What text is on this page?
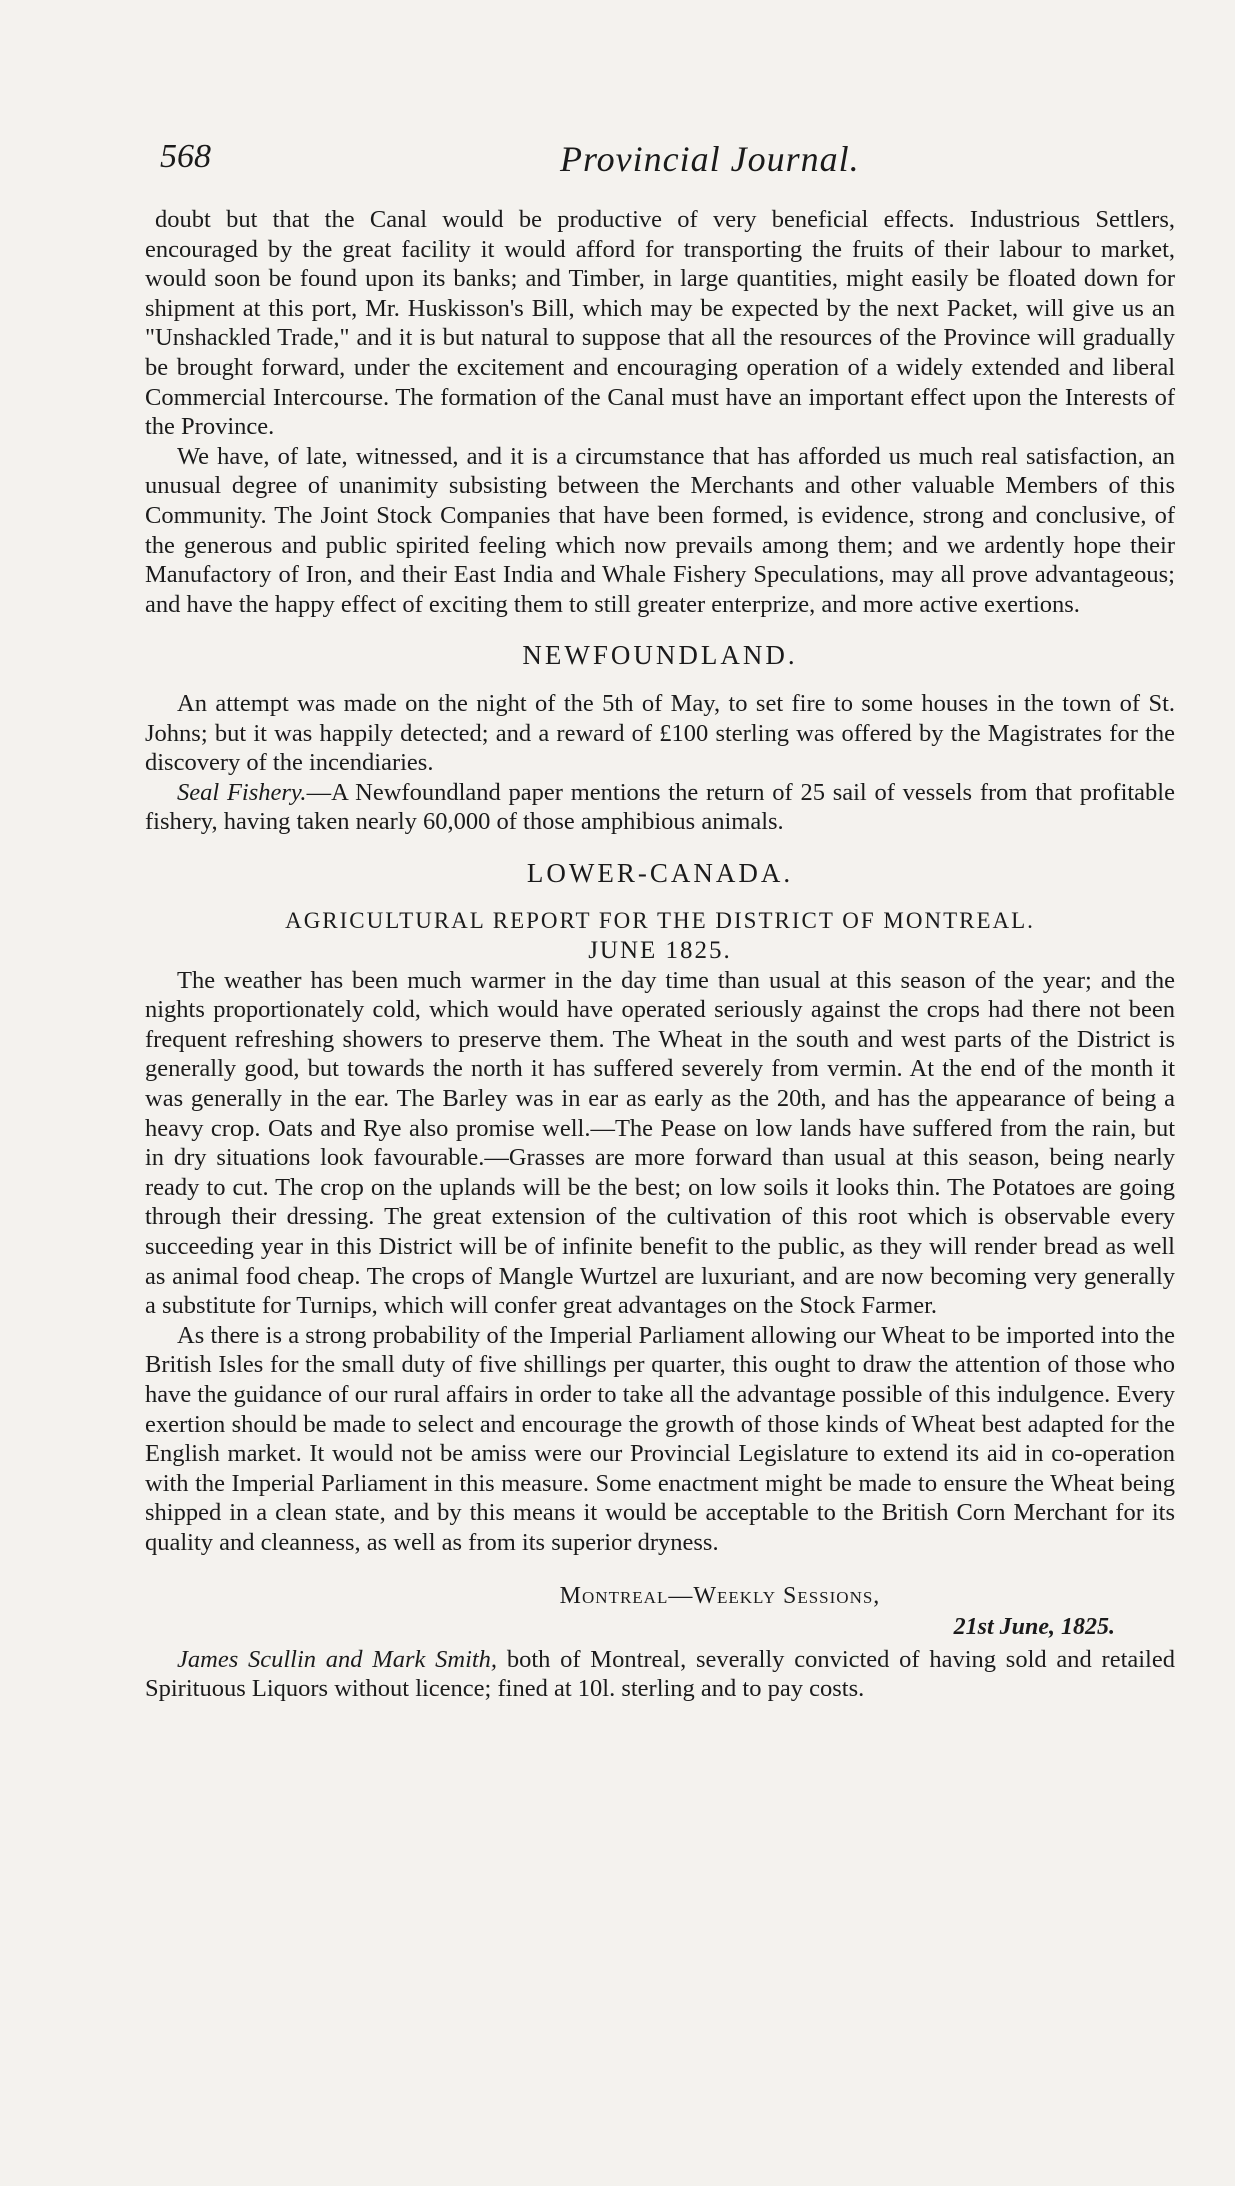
568	Provincial Journal.

doubt but that the Canal would be productive of very beneficial effects. Industrious Settlers, encouraged by the great facility it would afford for transporting the fruits of their labour to market, would soon be found upon its banks; and Timber, in large quantities, might easily be floated down for shipment at this port, Mr. Huskisson's Bill, which may be expected by the next Packet, will give us an "Unshackled Trade," and it is but natural to suppose that all the resources of the Province will gradually be brought forward, under the excitement and encouraging operation of a widely extended and liberal Commercial Intercourse. The formation of the Canal must have an important effect upon the Interests of the Province.

We have, of late, witnessed, and it is a circumstance that has afforded us much real satisfaction, an unusual degree of unanimity subsisting between the Merchants and other valuable Members of this Community. The Joint Stock Companies that have been formed, is evidence, strong and conclusive, of the generous and public spirited feeling which now prevails among them; and we ardently hope their Manufactory of Iron, and their East India and Whale Fishery Speculations, may all prove advantageous; and have the happy effect of exciting them to still greater enterprize, and more active exertions.

NEWFOUNDLAND.

An attempt was made on the night of the 5th of May, to set fire to some houses in the town of St. Johns; but it was happily detected; and a reward of £100 sterling was offered by the Magistrates for the discovery of the incendiaries.

Seal Fishery.—A Newfoundland paper mentions the return of 25 sail of vessels from that profitable fishery, having taken nearly 60,000 of those amphibious animals.

LOWER-CANADA.
AGRICULTURAL REPORT FOR THE DISTRICT OF MONTREAL.
JUNE 1825.

The weather has been much warmer in the day time than usual at this season of the year; and the nights proportionately cold, which would have operated seriously against the crops had there not been frequent refreshing showers to preserve them. The Wheat in the south and west parts of the District is generally good, but towards the north it has suffered severely from vermin. At the end of the month it was generally in the ear. The Barley was in ear as early as the 20th, and has the appearance of being a heavy crop. Oats and Rye also promise well.—The Pease on low lands have suffered from the rain, but in dry situations look favourable.—Grasses are more forward than usual at this season, being nearly ready to cut. The crop on the uplands will be the best; on low soils it looks thin. The Potatoes are going through their dressing. The great extension of the cultivation of this root which is observable every succeeding year in this District will be of infinite benefit to the public, as they will render bread as well as animal food cheap. The crops of Mangle Wurtzel are luxuriant, and are now becoming very generally a substitute for Turnips, which will confer great advantages on the Stock Farmer.

As there is a strong probability of the Imperial Parliament allowing our Wheat to be imported into the British Isles for the small duty of five shillings per quarter, this ought to draw the attention of those who have the guidance of our rural affairs in order to take all the advantage possible of this indulgence. Every exertion should be made to select and encourage the growth of those kinds of Wheat best adapted for the English market. It would not be amiss were our Provincial Legislature to extend its aid in co-operation with the Imperial Parliament in this measure. Some enactment might be made to ensure the Wheat being shipped in a clean state, and by this means it would be acceptable to the British Corn Merchant for its quality and cleanness, as well as from its superior dryness.

Montreal—Weekly Sessions,
21st June, 1825.

James Scullin and Mark Smith, both of Montreal, severally convicted of having sold and retailed Spirituous Liquors without licence; fined at 10l. sterling and to pay costs.
